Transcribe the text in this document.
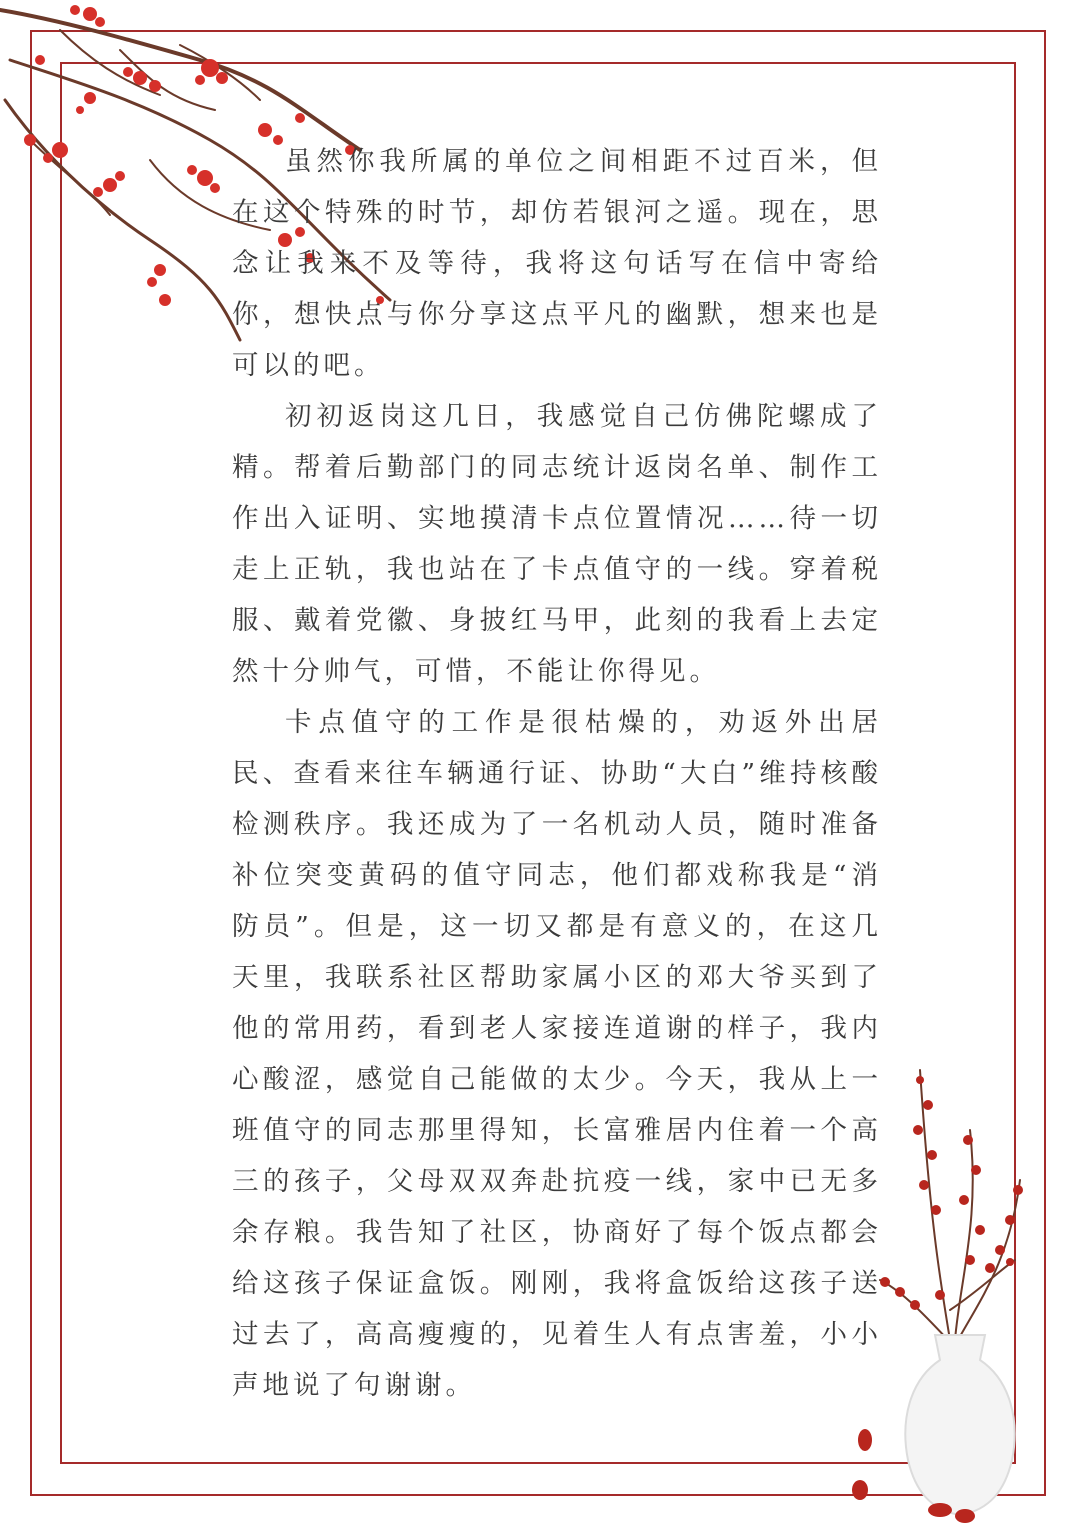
虽然你我所属的单位之间相距不过百米，但在这个特殊的时节，却仿若银河之遥。现在，思念让我来不及等待，我将这句话写在信中寄给你，想快点与你分享这点平凡的幽默，想来也是可以的吧。

初初返岗这几日，我感觉自己仿佛陀螺成了精。帮着后勤部门的同志统计返岗名单、制作工作出入证明、实地摸清卡点位置情况……待一切走上正轨，我也站在了卡点值守的一线。穿着税服、戴着党徽、身披红马甲，此刻的我看上去定然十分帅气，可惜，不能让你得见。

卡点值守的工作是很枯燥的，劝返外出居民、查看来往车辆通行证、协助“大白”维持核酸检测秩序。我还成为了一名机动人员，随时准备补位突变黄码的值守同志，他们都戏称我是“消防员”。但是，这一切又都是有意义的，在这几天里，我联系社区帮助家属小区的邓大爷买到了他的常用药，看到老人家接连道谢的样子，我内心酸涩，感觉自己能做的太少。今天，我从上一班值守的同志那里得知，长富雅居内住着一个高三的孩子，父母双双奔赴抗疫一线，家中已无多余存粮。我告知了社区，协商好了每个饭点都会给这孩子保证盒饭。刚刚，我将盒饭给这孩子送过去了，高高瘦瘦的，见着生人有点害羞，小小声地说了句谢谢。
